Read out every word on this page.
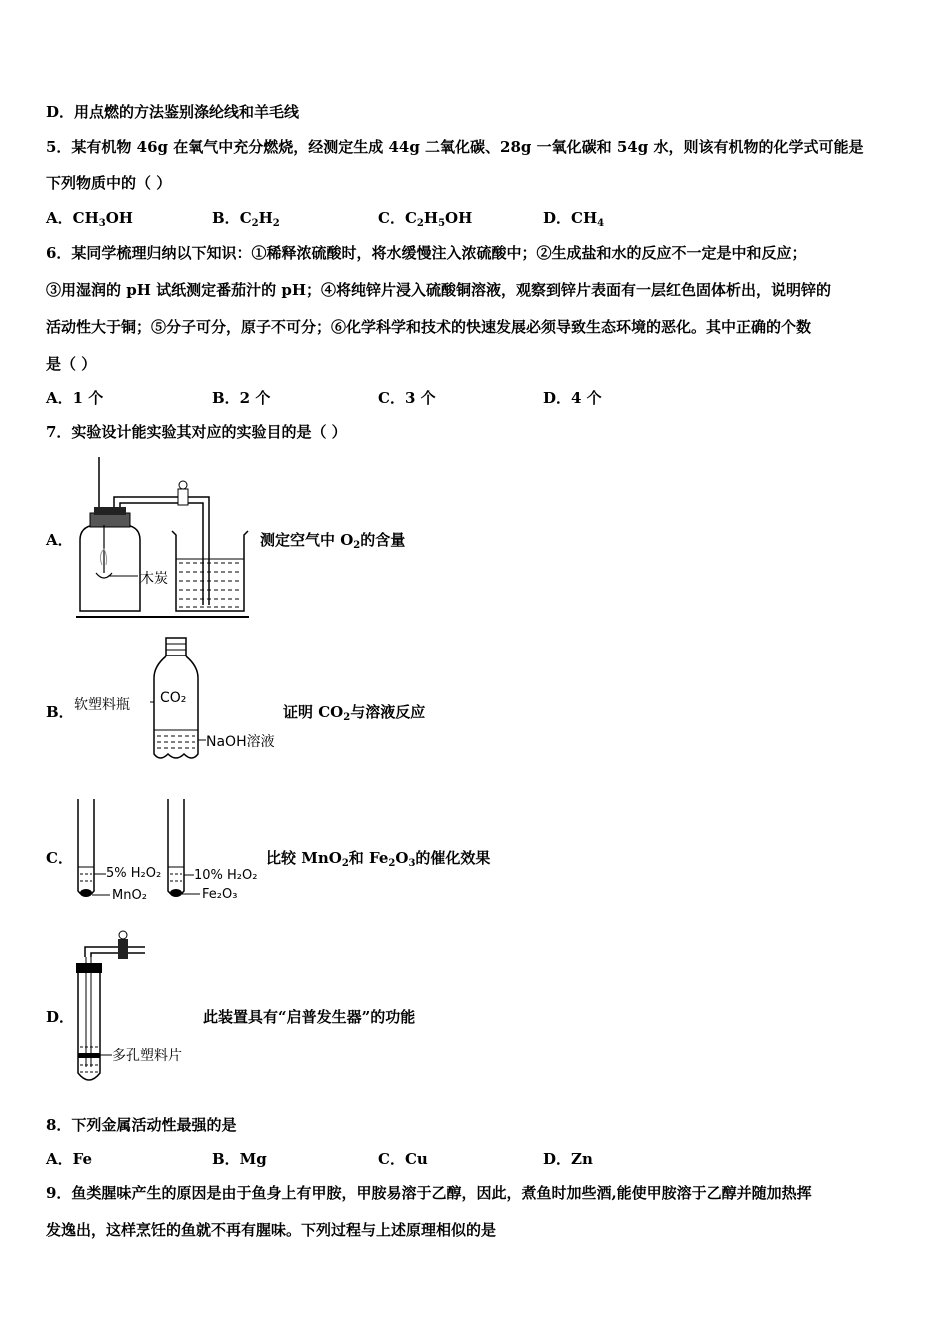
D．用点燃的方法鉴别涤纶线和羊毛线
5．某有机物 46g 在氧气中充分燃烧，经测定生成 44g 二氧化碳、28g 一氧化碳和 54g 水，则该有机物的化学式可能是
下列物质中的（ ）
A．$CH_3OH$	B．$C_2H_2$	C．$C_2H_5OH$	D．$CH_4$
6．某同学梳理归纳以下知识：①稀释浓硫酸时，将水缓慢注入浓硫酸中；②生成盐和水的反应不一定是中和反应；
③用湿润的 pH 试纸测定番茄汁的 pH；④将纯锌片浸入硫酸铜溶液，观察到锌片表面有一层红色固体析出，说明锌的
活动性大于铜；⑤分子可分，原子不可分；⑥化学科学和技术的快速发展必须导致生态环境的恶化。其中正确的个数
是（ ）
A．1 个	B．2 个	C．3 个	D．4 个
7．实验设计能实验其对应的实验目的是（ ）
A．
木炭
测定空气中 $O_2$的含量
B． 软塑料瓶 CO₂
NaOH溶液
证明 $CO_2$与溶液反应
C．
5% H₂O₂
MnO₂
10% H₂O₂
Fe₂O₃
比较 MnO$_2$和 $Fe_2O_3$的催化效果
D．
多孔塑料片
此装置具有“启普发生器”的功能
8．下列金属活动性最强的是
A．Fe	B．Mg	C．Cu	D．Zn
9．鱼类腥味产生的原因是由于鱼身上有甲胺，甲胺易溶于乙醇，因此，煮鱼时加些酒,能使甲胺溶于乙醇并随加热挥
发逸出，这样烹饪的鱼就不再有腥味。下列过程与上述原理相似的是
